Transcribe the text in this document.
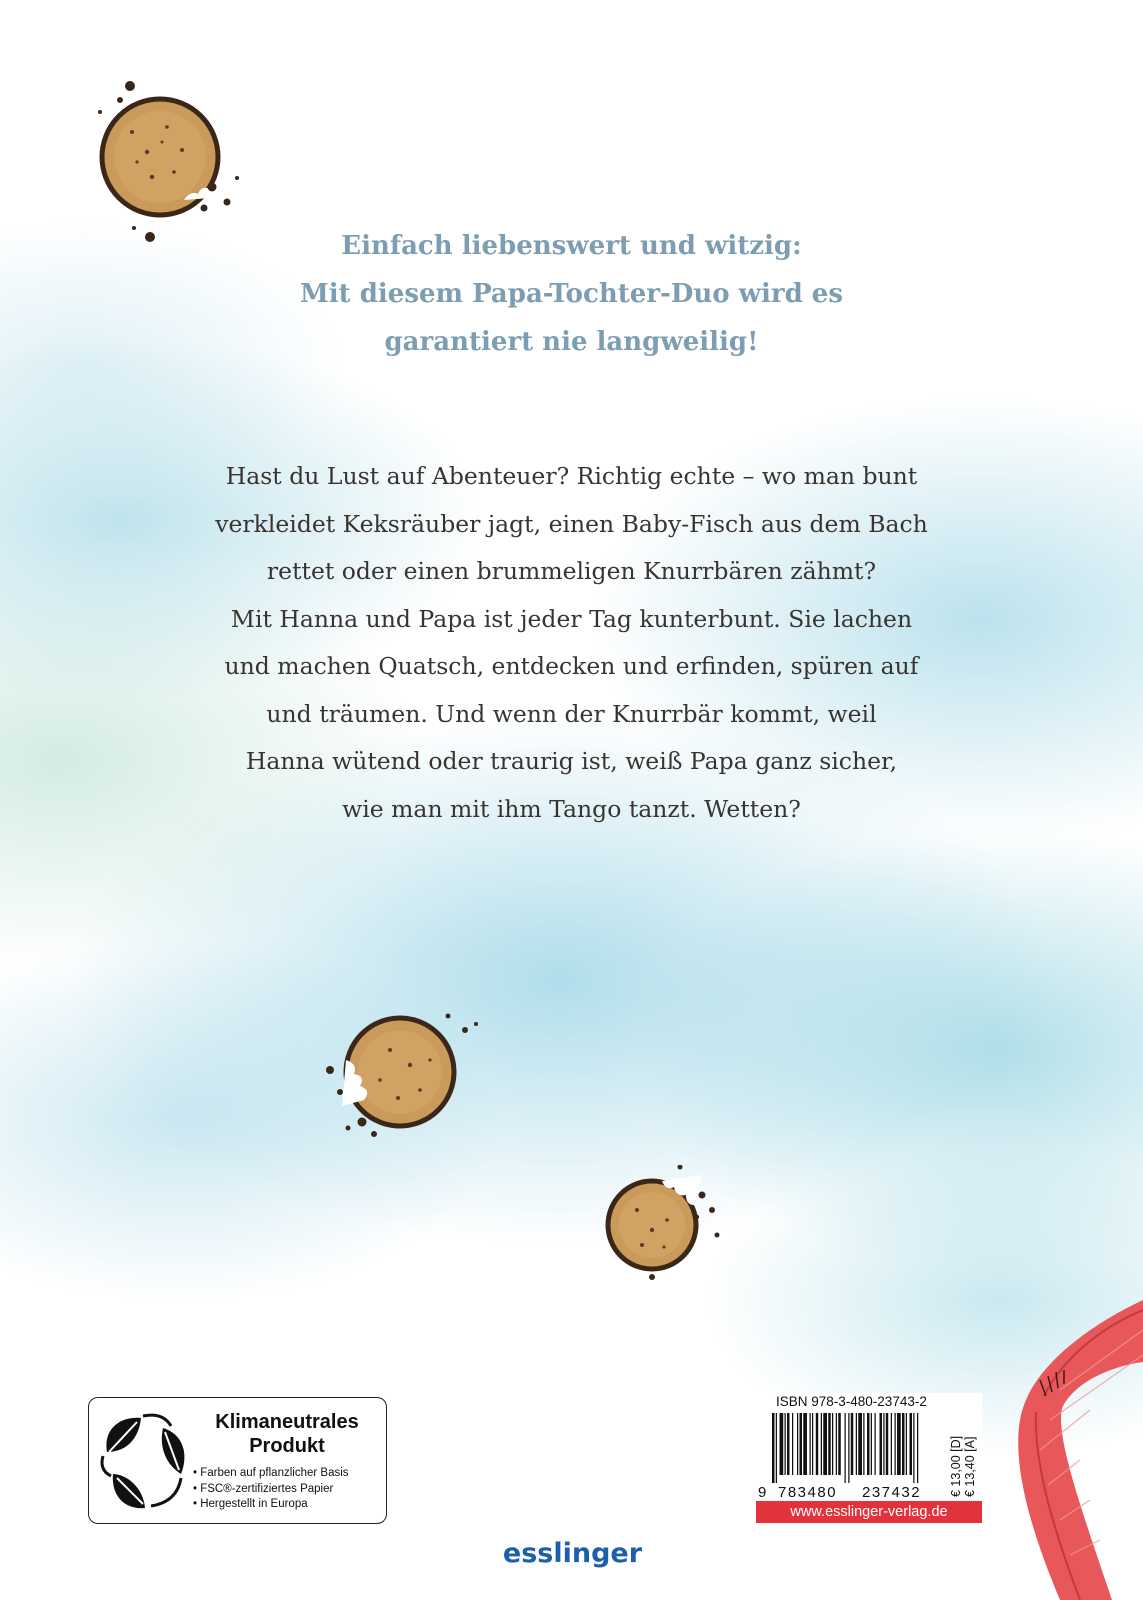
Einfach liebenswert und witzig:
Mit diesem Papa-Tochter-Duo wird es
garantiert nie langweilig!
Hast du Lust auf Abenteuer? Richtig echte – wo man bunt
verkleidet Keksräuber jagt, einen Baby-Fisch aus dem Bach
rettet oder einen brummeligen Knurrbären zähmt?
Mit Hanna und Papa ist jeder Tag kunterbunt. Sie lachen
und machen Quatsch, entdecken und erfinden, spüren auf
und träumen. Und wenn der Knurrbär kommt, weil
Hanna wütend oder traurig ist, weiß Papa ganz sicher,
wie man mit ihm Tango tanzt. Wetten?
Klimaneutrales
Produkt
• Farben auf pflanzlicher Basis
• FSC®-zertifiziertes Papier
• Hergestellt in Europa
ISBN 978-3-480-23743-2
9 783480 237432 € 13,00 [D] € 13,40 [A]
www.esslinger-verlag.de
esslinger
